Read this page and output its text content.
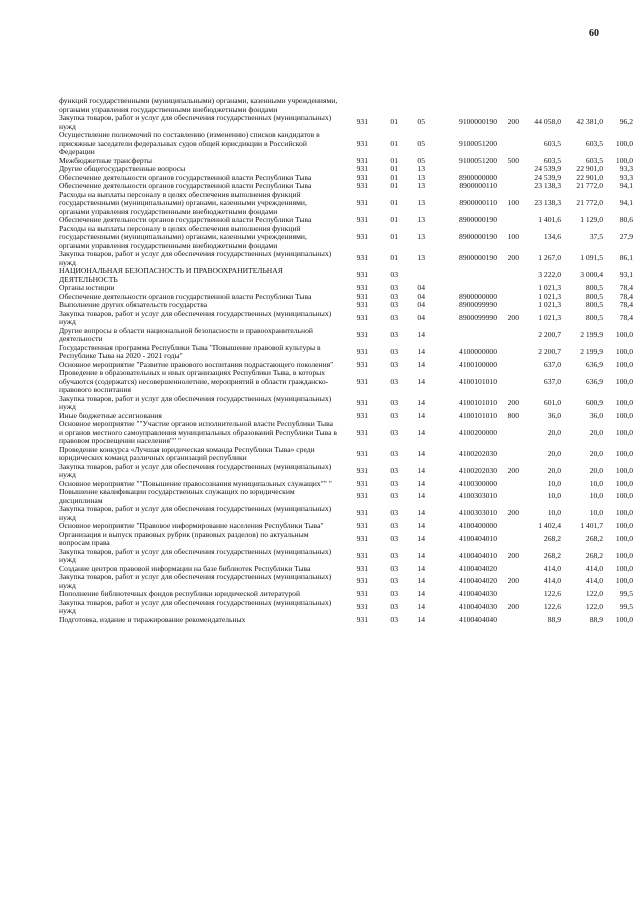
60
функций государственными (муниципальными) органами, казенными учреждениями, органами управления государственными внебюджетными фондами								
Закупка товаров, работ и услуг для обеспечения государственных (муниципальных) нужд	931	01	05	9100000190	200	44 058,0	42 381,0	96,2
Осуществление полномочий по составлению (изменению) списков кандидатов в присяжные заседатели федеральных судов общей юрисдикции в Российской Федерации	931	01	05	9100051200		603,5	603,5	100,0
Межбюджетные трансферты	931	01	05	9100051200	500	603,5	603,5	100,0
Другие общегосударственные вопросы	931	01	13			24 539,9	22 901,0	93,3
Обеспечение деятельности органов государственной власти Республики Тыва	931	01	13	8900000000		24 539,9	22 901,0	93,3
Обеспечение деятельности органов государственной власти Республики Тыва	931	01	13	8900000110		23 138,3	21 772,0	94,1
Расходы на выплаты персоналу в целях обеспечения выполнения функций государственными (муниципальными) органами, казенными учреждениями, органами управления государственными внебюджетными фондами	931	01	13	8900000110	100	23 138,3	21 772,0	94,1
Обеспечение деятельности органов государственной власти Республики Тыва	931	01	13	8900000190		1 401,6	1 129,0	80,6
Расходы на выплаты персоналу в целях обеспечения выполнения функций государственными (муниципальными) органами, казенными учреждениями, органами управления государственными внебюджетными фондами	931	01	13	8900000190	100	134,6	37,5	27,9
Закупка товаров, работ и услуг для обеспечения государственных (муниципальных) нужд	931	01	13	8900000190	200	1 267,0	1 091,5	86,1
НАЦИОНАЛЬНАЯ БЕЗОПАСНОСТЬ И ПРАВООХРАНИТЕЛЬНАЯ ДЕЯТЕЛЬНОСТЬ	931	03				3 222,0	3 000,4	93,1
Органы юстиции	931	03	04			1 021,3	800,5	78,4
Обеспечение деятельности органов государственной власти Республики Тыва	931	03	04	8900000000		1 021,3	800,5	78,4
Выполнение других обязательств государства	931	03	04	8900099990		1 021,3	800,5	78,4
Закупка товаров, работ и услуг для обеспечения государственных (муниципальных) нужд	931	03	04	8900099990	200	1 021,3	800,5	78,4
Другие вопросы в области национальной безопасности и правоохранительной деятельности	931	03	14			2 200,7	2 199,9	100,0
Государственная программа Республики Тыва "Повышение правовой культуры в Республике Тыва на 2020 - 2021 годы"	931	03	14	4100000000		2 200,7	2 199,9	100,0
Основное мероприятие "Развитие правового воспитания подрастающего поколения"	931	03	14	4100100000		637,0	636,9	100,0
Проведение в образовательных и иных организациях Республики Тыва, в которых обучаются (содержатся) несовершеннолетние, мероприятий в области гражданско-правового воспитания	931	03	14	4100101010		637,0	636,9	100,0
Закупка товаров, работ и услуг для обеспечения государственных (муниципальных) нужд	931	03	14	4100101010	200	601,0	600,9	100,0
Иные бюджетные ассигнования	931	03	14	4100101010	800	36,0	36,0	100,0
Основное мероприятие ""Участие органов исполнительной власти Республики Тыва и органов местного самоуправления муниципальных образований Республики Тыва в правовом просвещении населения"" "	931	03	14	4100200000		20,0	20,0	100,0
Проведение конкурса «Лучшая юридическая команда Республики Тыва» среди юридических команд различных организаций республики	931	03	14	4100202030		20,0	20,0	100,0
Закупка товаров, работ и услуг для обеспечения государственных (муниципальных) нужд	931	03	14	4100202030	200	20,0	20,0	100,0
Основное мероприятие ""Повышение правосознания муниципальных служащих"" "	931	03	14	4100300000		10,0	10,0	100,0
Повышение квалификации государственных служащих по юридическим дисциплинам	931	03	14	4100303010		10,0	10,0	100,0
Закупка товаров, работ и услуг для обеспечения государственных (муниципальных) нужд	931	03	14	4100303010	200	10,0	10,0	100,0
Основное мероприятие "Правовое информирование населения Республики Тыва"	931	03	14	4100400000		1 402,4	1 401,7	100,0
Организация и выпуск правовых рубрик (правовых разделов) по актуальным вопросам права	931	03	14	4100404010		268,2	268,2	100,0
Закупка товаров, работ и услуг для обеспечения государственных (муниципальных) нужд	931	03	14	4100404010	200	268,2	268,2	100,0
Создание центров правовой информации на базе библиотек Республики Тыва	931	03	14	4100404020		414,0	414,0	100,0
Закупка товаров, работ и услуг для обеспечения государственных (муниципальных) нужд	931	03	14	4100404020	200	414,0	414,0	100,0
Пополнение библиотечных фондов республики юридической литературой	931	03	14	4100404030		122,6	122,0	99,5
Закупка товаров, работ и услуг для обеспечения государственных (муниципальных) нужд	931	03	14	4100404030	200	122,6	122,0	99,5
Подготовка, издание и тиражирование рекомендательных	931	03	14	4100404040		88,9	88,9	100,0
